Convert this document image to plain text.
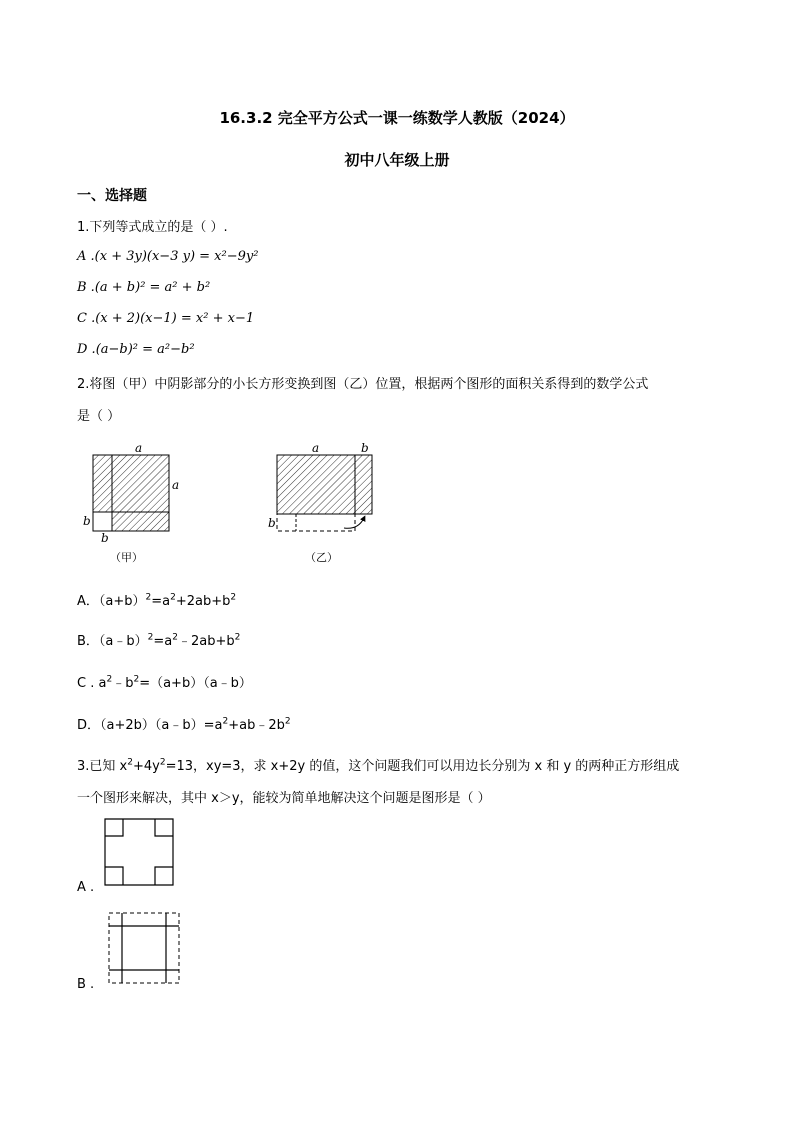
16.3.2 完全平方公式一课一练数学人教版（2024）
初中八年级上册
一、选择题
1.下列等式成立的是（ ）.
A .(x + 3y)(x−3 y) = x²−9y²
B .(a + b)² = a² + b²
C .(x + 2)(x−1) = x² + x−1
D .(a−b)² = a²−b²
2.将图（甲）中阴影部分的小长方形变换到图（乙）位置，根据两个图形的面积关系得到的数学公式
是（ ）
a
a
b
b
（甲）
a	b
b
（乙）
A．$(a+b)^2=a^2+2ab+b^2$
B．$(a﹣b)^2=a^2﹣2ab+b^2$
C . $a^2﹣b^2=(a+b)(a﹣b)$
D．$(a+2b)(a﹣b)=a^2+ab﹣2b^2$
3.已知 $x^2+4y^2=13$，xy=3，求 x+2y 的值，这个问题我们可以用边长分别为 x 和 y 的两种正方形组成
一个图形来解决，其中 x＞y，能较为简单地解决这个问题是图形是（ ）
A .
B .
